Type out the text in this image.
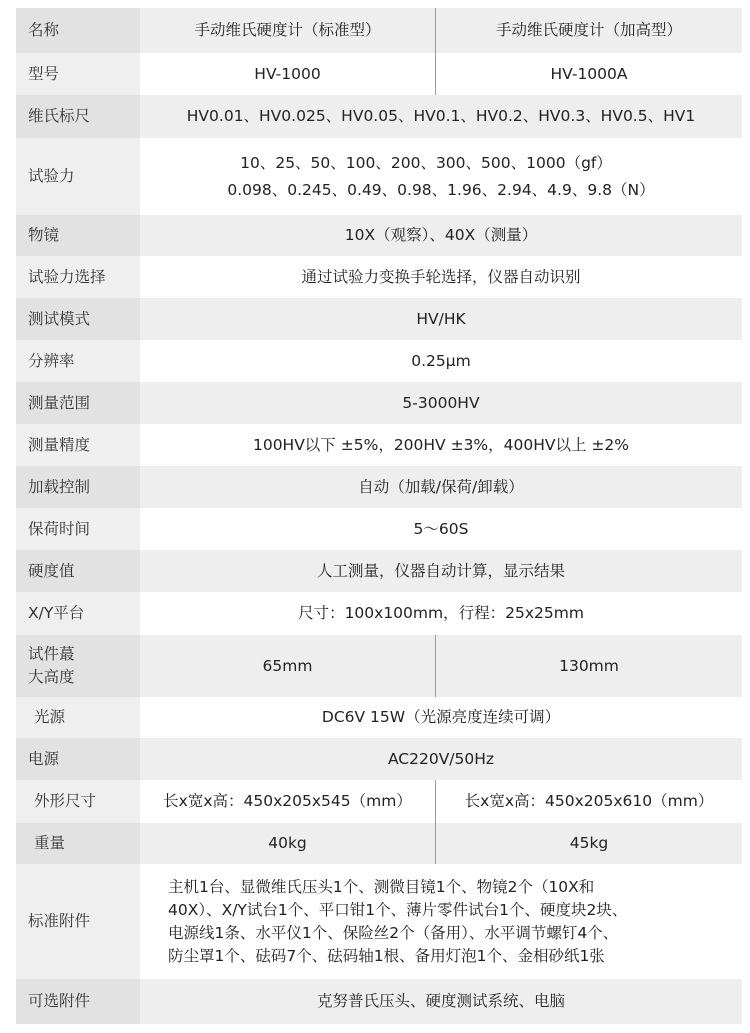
名称	手动维氏硬度计（标准型）	手动维氏硬度计（加高型）
型号	HV-1000	HV-1000A
维氏标尺	HV0.01、HV0.025、HV0.05、HV0.1、HV0.2、HV0.3、HV0.5、HV1	
试验力	10、25、50、100、200、300、500、1000（gf）
0.098、0.245、0.49、0.98、1.96、2.94、4.9、9.8（N）	

物镜	10X（观察）、40X（测量）	
试验力选择	通过试验力变换手轮选择，仪器自动识别	
测试模式	HV/HK	
分辨率	0.25μm	
测量范围	5-3000HV	
测量精度	100HV以下 ±5%，200HV ±3%，400HV以上 ±2%	
加载控制	自动（加载/保荷/卸载）	
保荷时间	5～60S	
硬度值	人工测量，仪器自动计算，显示结果	
X/Y平台	尺寸：100x100mm，行程：25x25mm	

试件蕞
大高度	65mm	130mm
光源	DC6V 15W（光源亮度连续可调）	
电源	AC220V/50Hz	
外形尺寸	长x宽x高：450x205x545（mm）	长x宽x高：450x205x610（mm）
重量	40kg	45kg
标准附件	主机1台、显微维氏压头1个、测微目镜1个、物镜2个（10X和
40X）、X/Y试台1个、平口钳1个、薄片零件试台1个、硬度块2块、
电源线1条、水平仪1个、保险丝2个（备用）、水平调节螺钉4个、
防尘罩1个、砝码7个、砝码轴1根、备用灯泡1个、金相砂纸1张	

可选附件	克努普氏压头、硬度测试系统、电脑	
